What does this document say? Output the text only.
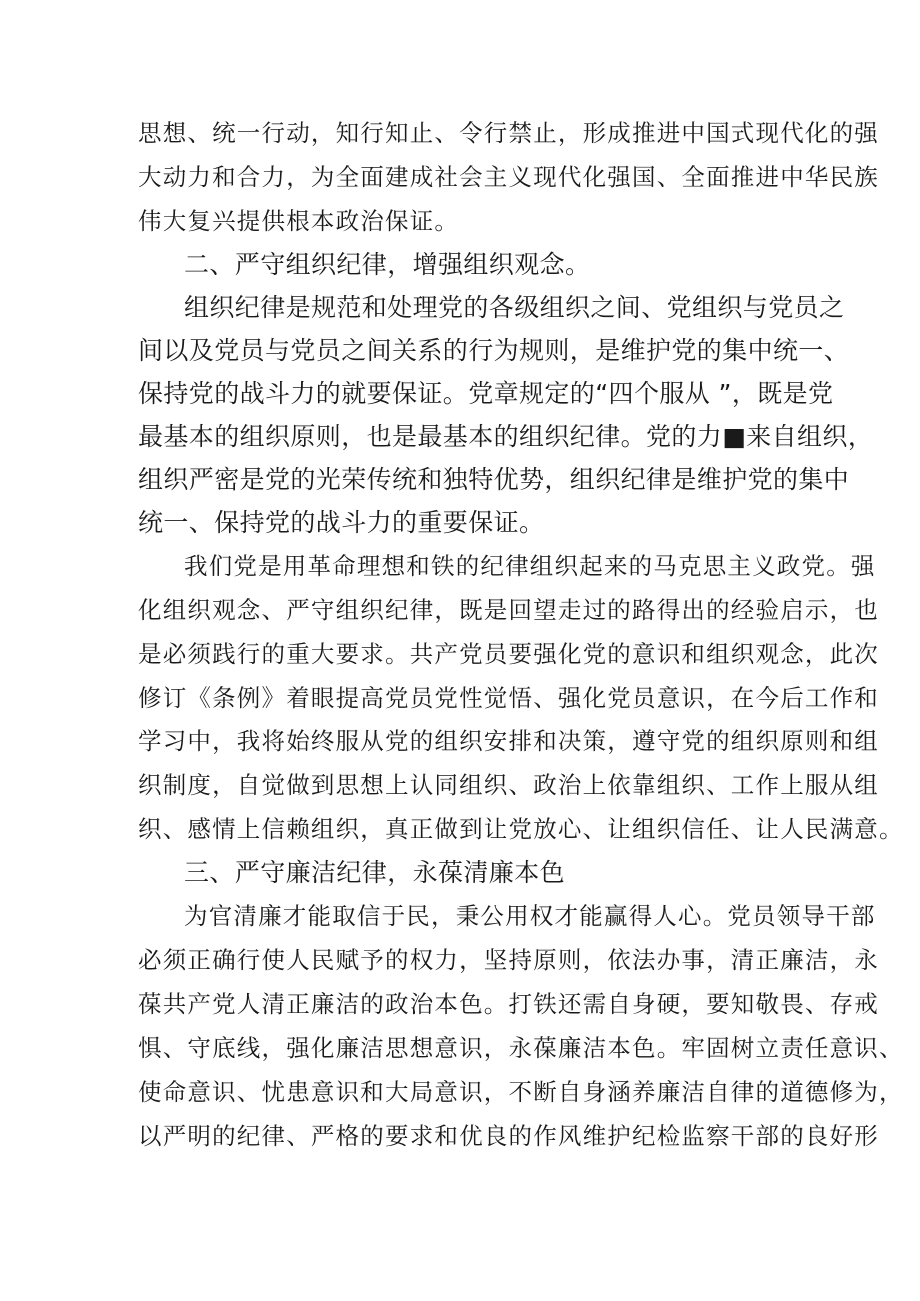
思想、统一行动，知行知止、令行禁止，形成推进中国式现代化的强
大动力和合力，为全面建成社会主义现代化强国、全面推进中华民族
伟大复兴提供根本政治保证。
二、严守组织纪律，增强组织观念。
组织纪律是规范和处理党的各级组织之间、党组织与党员之
间以及党员与党员之间关系的行为规则，是维护党的集中统一、
保持党的战斗力的就要保证。党章规定的“四个服从 ”，既是党
最基本的组织原则，也是最基本的组织纪律。党的力■来自组织，
组织严密是党的光荣传统和独特优势，组织纪律是维护党的集中
统一、保持党的战斗力的重要保证。
我们党是用革命理想和铁的纪律组织起来的马克思主义政党。强
化组织观念、严守组织纪律，既是回望走过的路得出的经验启示，也
是必须践行的重大要求。共产党员要强化党的意识和组织观念，此次
修订《条例》着眼提高党员党性觉悟、强化党员意识，在今后工作和
学习中，我将始终服从党的组织安排和决策，遵守党的组织原则和组
织制度，自觉做到思想上认同组织、政治上依靠组织、工作上服从组
织、感情上信赖组织，真正做到让党放心、让组织信任、让人民满意。
三、严守廉洁纪律，永葆清廉本色
为官清廉才能取信于民，秉公用权才能赢得人心。党员领导干部
必须正确行使人民赋予的权力，坚持原则，依法办事，清正廉洁，永
葆共产党人清正廉洁的政治本色。打铁还需自身硬，要知敬畏、存戒
惧、守底线，强化廉洁思想意识，永葆廉洁本色。牢固树立责任意识、
使命意识、忧患意识和大局意识，不断自身涵养廉洁自律的道德修为，
以严明的纪律、严格的要求和优良的作风维护纪检监察干部的良好形
